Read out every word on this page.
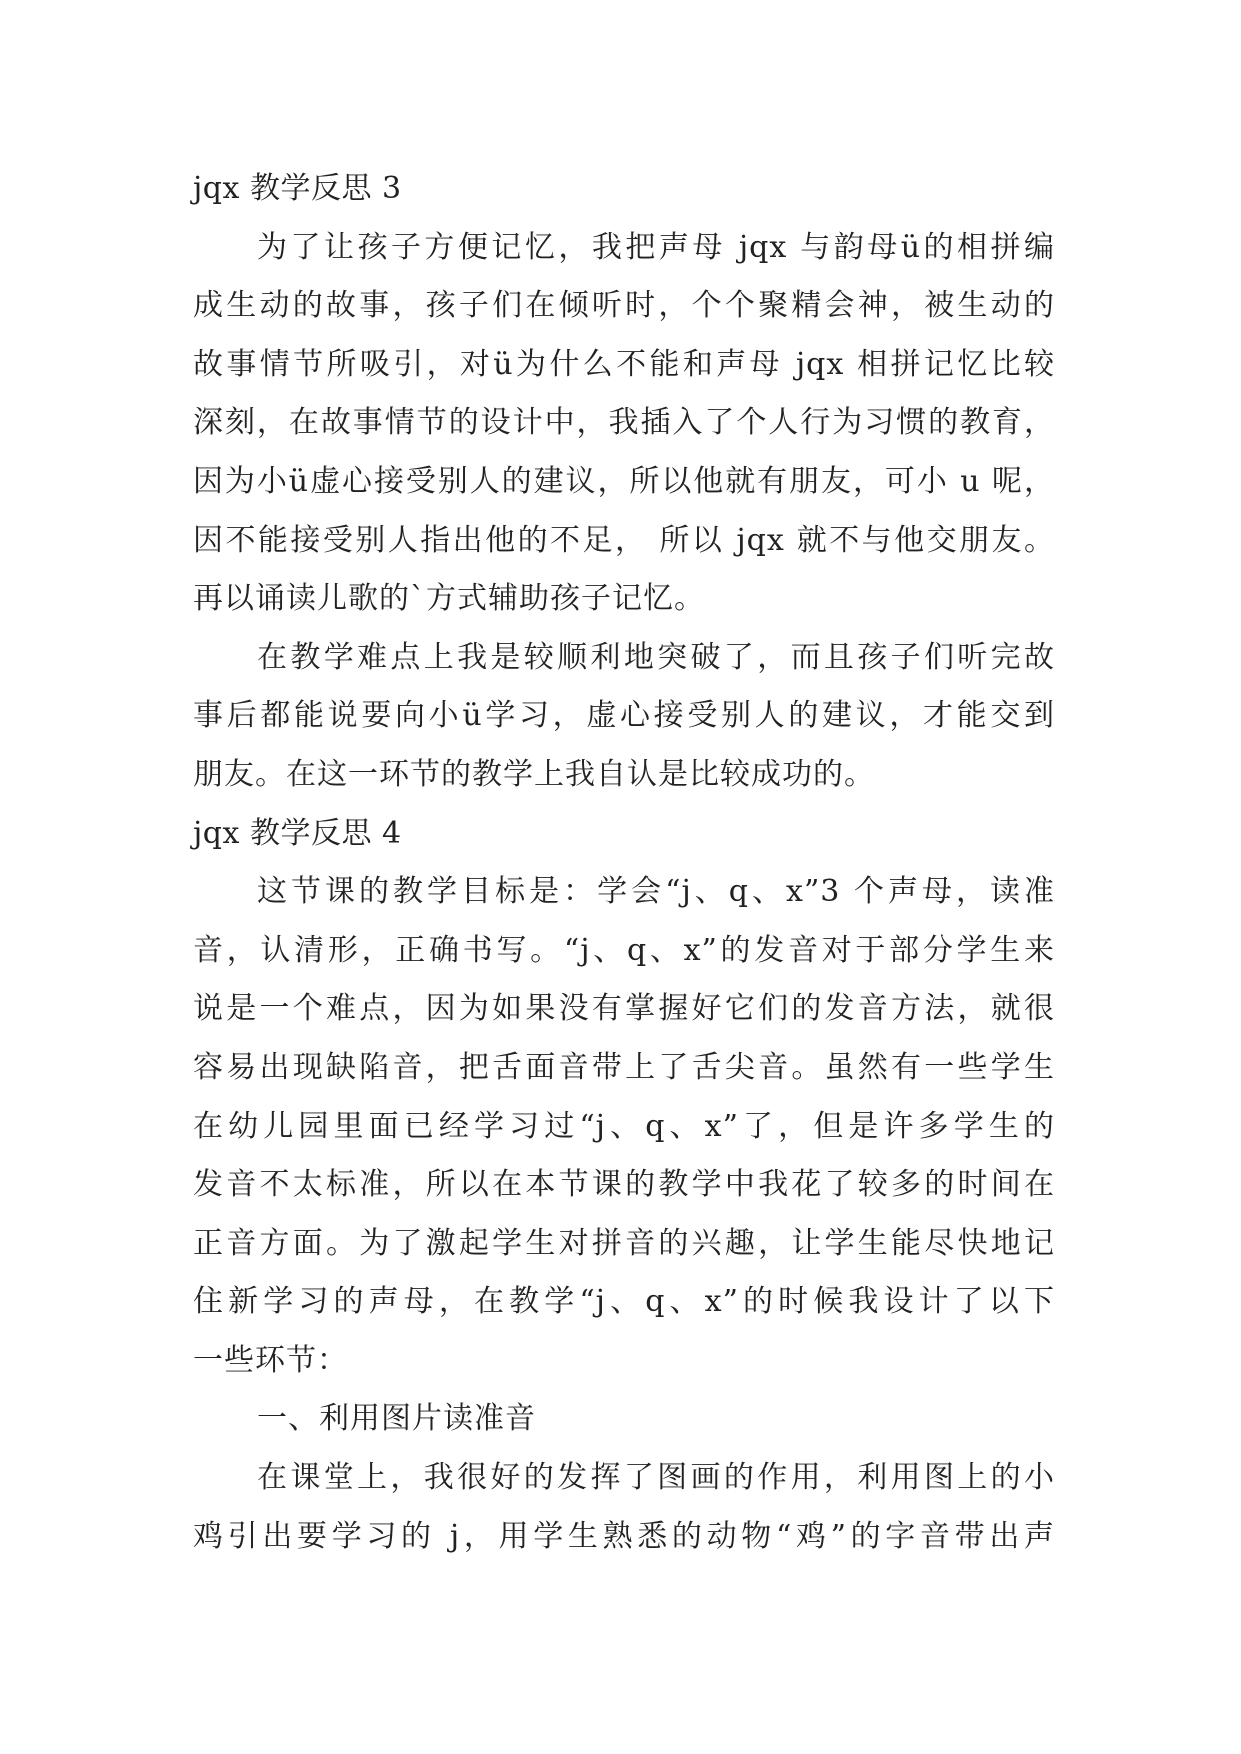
jqx 教学反思 3
为了让孩子方便记忆，我把声母 jqx 与韵母ü的相拼编
成生动的故事，孩子们在倾听时，个个聚精会神，被生动的
故事情节所吸引，对ü为什么不能和声母 jqx 相拼记忆比较
深刻，在故事情节的设计中，我插入了个人行为习惯的教育，
因为小ü虚心接受别人的建议，所以他就有朋友，可小 u 呢，
因不能接受别人指出他的不足， 所以 jqx 就不与他交朋友。
再以诵读儿歌的`方式辅助孩子记忆。
在教学难点上我是较顺利地突破了，而且孩子们听完故
事后都能说要向小ü学习，虚心接受别人的建议，才能交到
朋友。在这一环节的教学上我自认是比较成功的。
jqx 教学反思 4
这节课的教学目标是：学会“j、q、x”3 个声母，读准
音，认清形，正确书写。“j、q、x”的发音对于部分学生来
说是一个难点，因为如果没有掌握好它们的发音方法，就很
容易出现缺陷音，把舌面音带上了舌尖音。虽然有一些学生
在幼儿园里面已经学习过“j、q、x”了，但是许多学生的
发音不太标准，所以在本节课的教学中我花了较多的时间在
正音方面。为了激起学生对拼音的兴趣，让学生能尽快地记
住新学习的声母，在教学“j、q、x”的时候我设计了以下
一些环节：
一、利用图片读准音
在课堂上，我很好的发挥了图画的作用，利用图上的小
鸡引出要学习的 j，用学生熟悉的动物“鸡”的字音带出声
